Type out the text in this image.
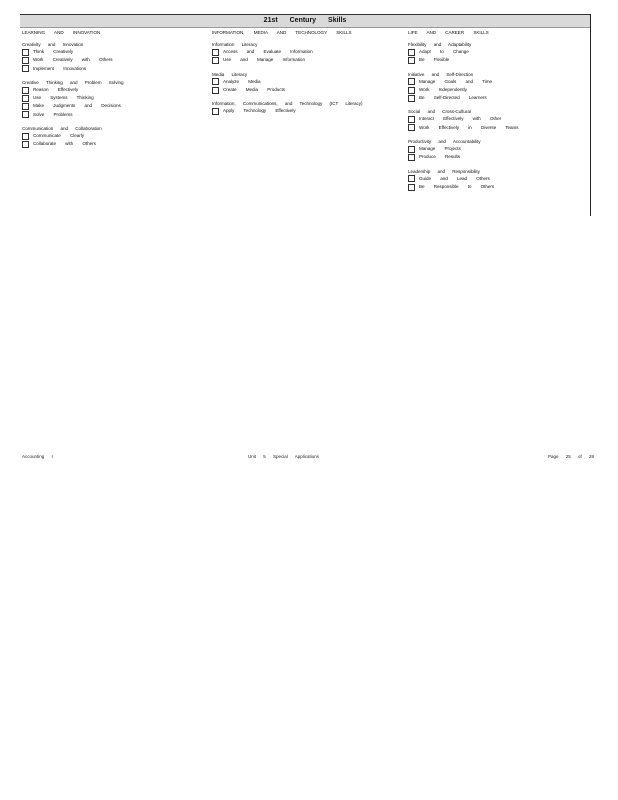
21st Century Skills
LEARNING AND INNOVATION
Creativity and Innovation
Think Creatively
Work Creatively with Others
Implement Innovations
Creative Thinking and Problem Solving
Reason Effectively
Use Systems Thinking
Make Judgments and Decisions
Solve Problems
Communication and Collaboration
Communicate Clearly
Collaborate with Others
INFORMATION, MEDIA AND TECHNOLOGY SKILLS
Information Literacy
Access and Evaluate Information
Use and Manage Information
Media Literacy
Analyze Media
Create Media Products
Information, Communications, and Technology (ICT Literacy)
Apply Technology Effectively
LIFE AND CAREER SKILLS
Flexibility and Adaptability
Adapt to Change
Be Flexible
Initiative and Self-Direction
Manage Goals and Time
Work Independently
Be Self-Directed Learners
Social and Cross-Cultural
Interact Effectively with Other
Work Effectively in Diverse Teams
Productivity and Accountability
Manage Projects
Produce Results
Leadership and Responsibility
Guide and Lead Others
Be Responsible to Others
Accounting I	Unit 5 Special Applications	Page 25 of 28
